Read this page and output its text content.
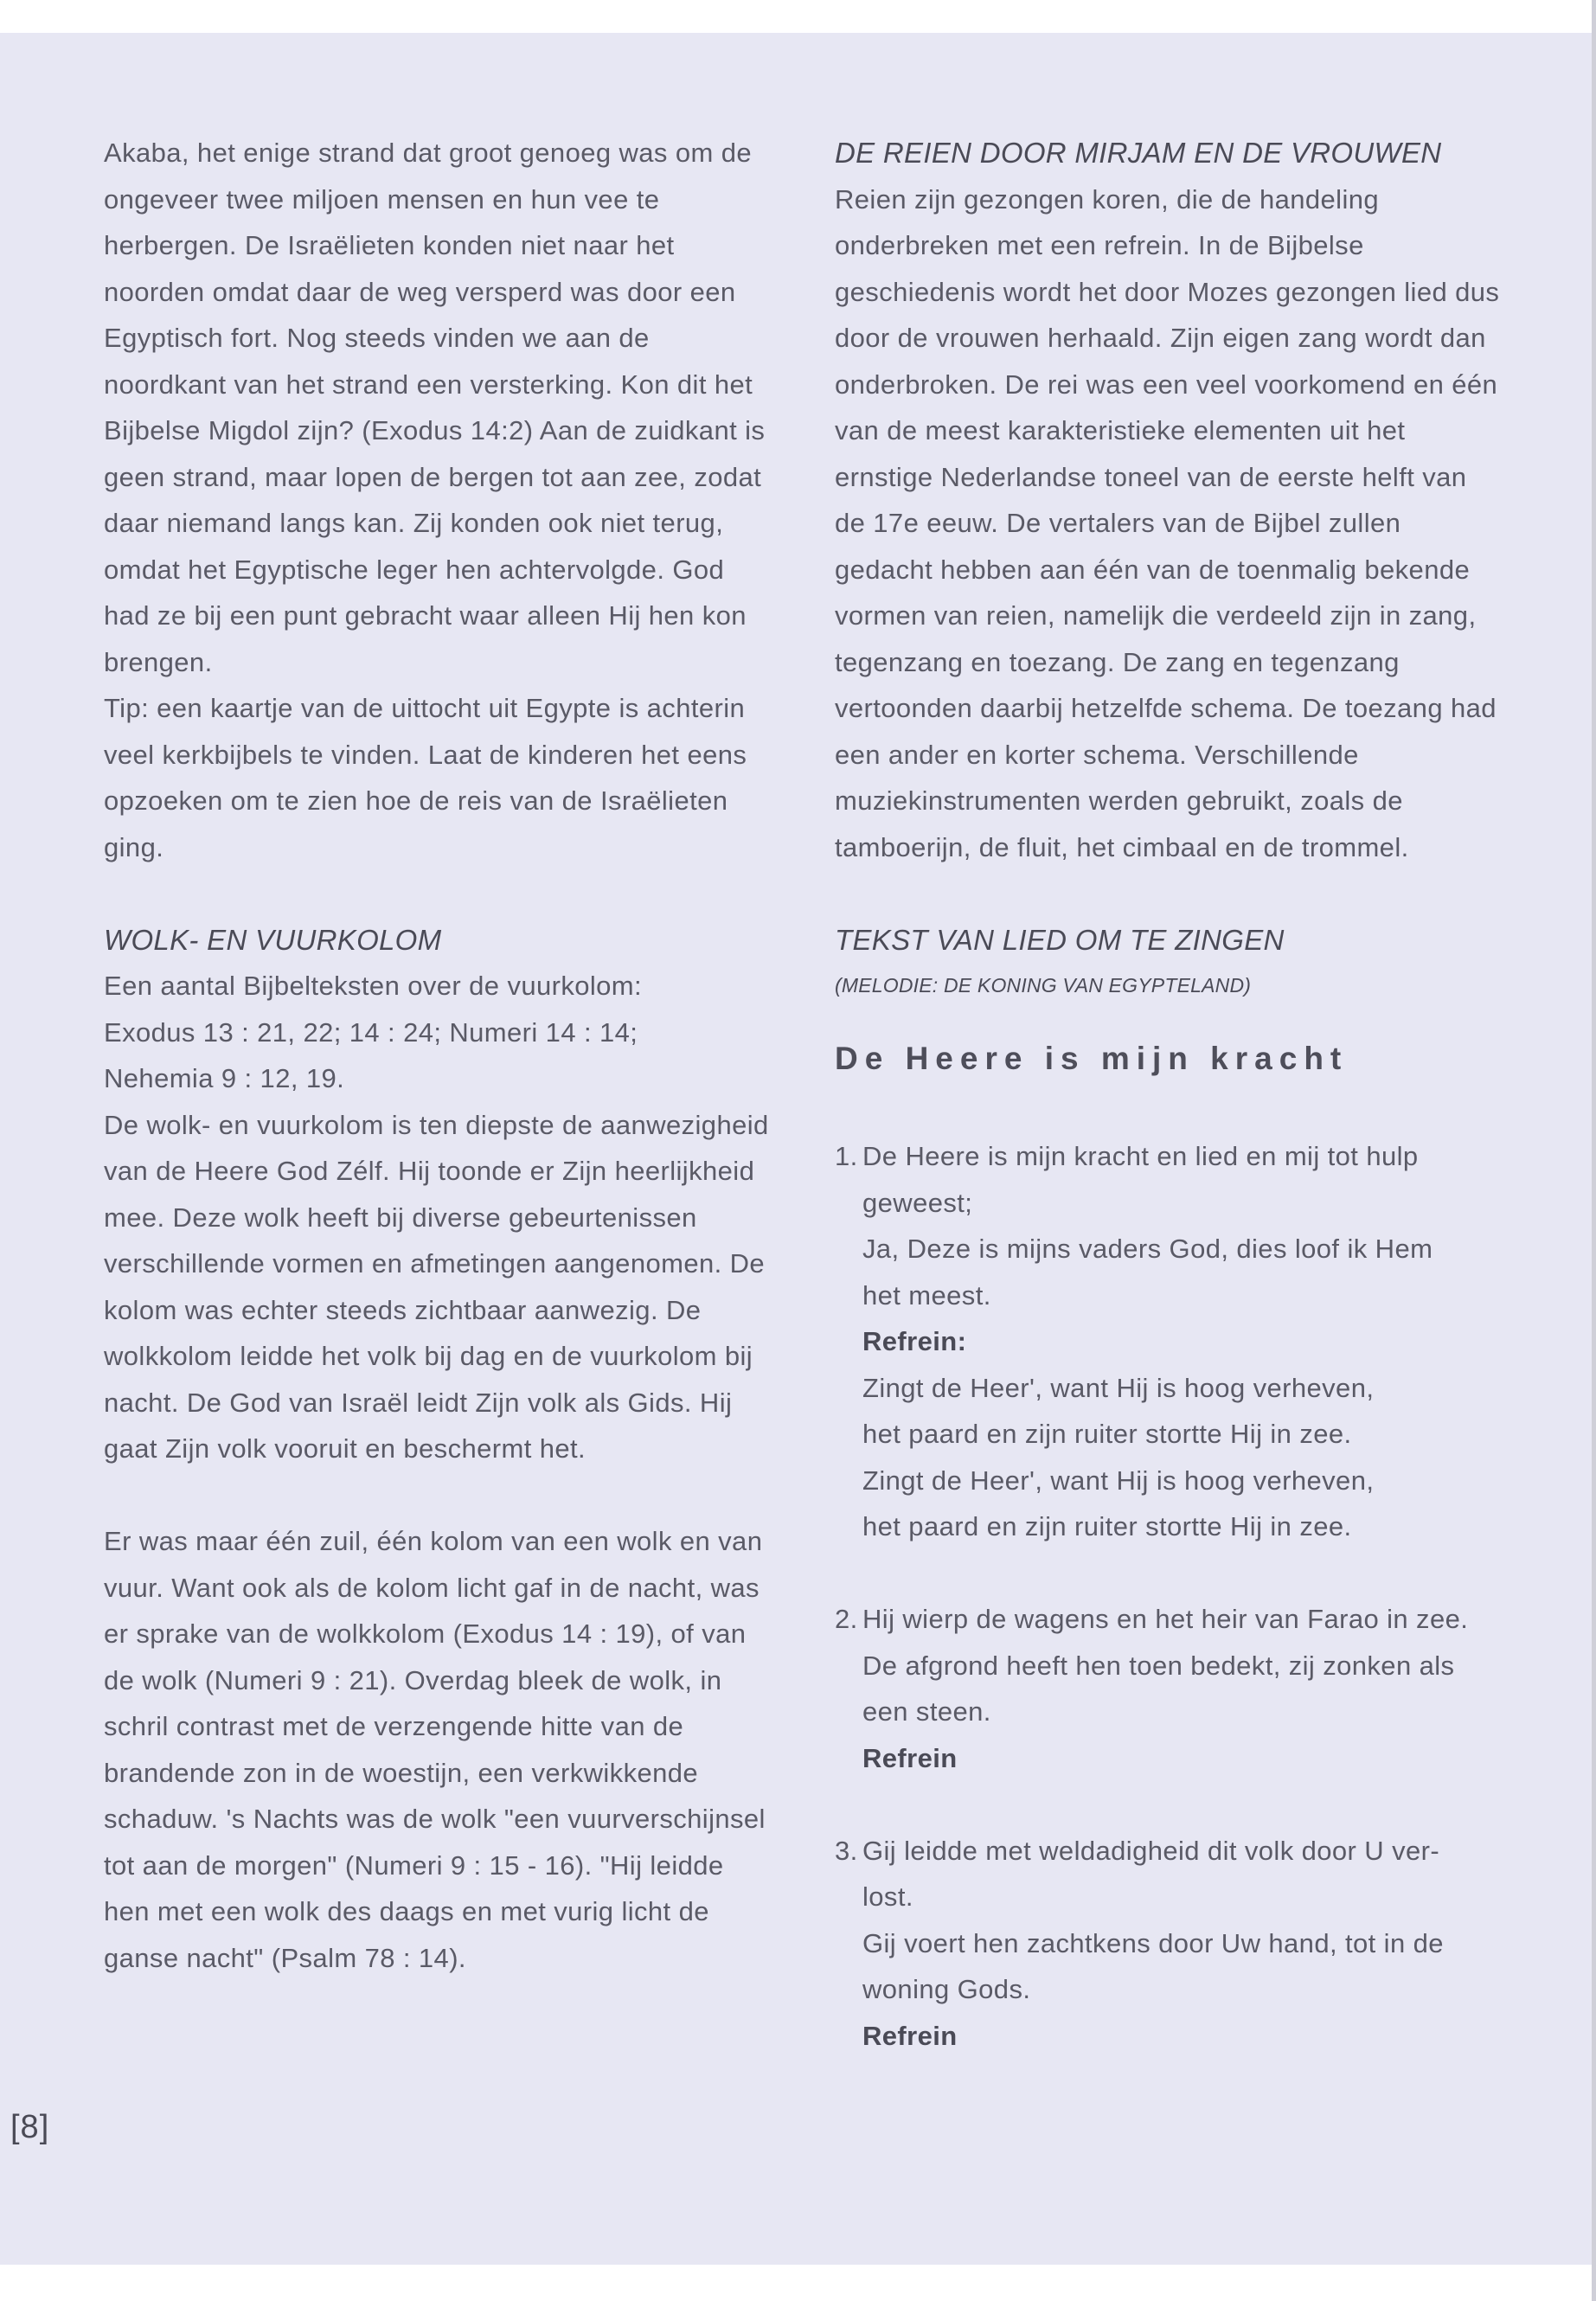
Akaba, het enige strand dat groot genoeg was om de ongeveer twee miljoen mensen en hun vee te herbergen. De Israëlieten konden niet naar het noorden omdat daar de weg versperd was door een Egyptisch fort. Nog steeds vinden we aan de noordkant van het strand een versterking. Kon dit het Bijbelse Migdol zijn? (Exodus 14:2) Aan de zuidkant is geen strand, maar lopen de bergen tot aan zee, zodat daar niemand langs kan. Zij konden ook niet terug, omdat het Egyptische leger hen achtervolgde. God had ze bij een punt gebracht waar alleen Hij hen kon brengen.

Tip: een kaartje van de uittocht uit Egypte is achterin veel kerkbijbels te vinden. Laat de kinderen het eens opzoeken om te zien hoe de reis van de Israëlieten ging.

WOLK- EN VUURKOLOM

Een aantal Bijbelteksten over de vuurkolom:

Exodus 13 : 21, 22; 14 : 24; Numeri 14 : 14;

Nehemia 9 : 12, 19.

De wolk- en vuurkolom is ten diepste de aanwezigheid van de Heere God Zélf. Hij toonde er Zijn heerlijkheid mee. Deze wolk heeft bij diverse gebeurtenissen verschillende vormen en afmetingen aangenomen. De kolom was echter steeds zichtbaar aanwezig. De wolkkolom leidde het volk bij dag en de vuurkolom bij nacht. De God van Israël leidt Zijn volk als Gids. Hij gaat Zijn volk vooruit en beschermt het.

Er was maar één zuil, één kolom van een wolk en van vuur. Want ook als de kolom licht gaf in de nacht, was er sprake van de wolkkolom (Exodus 14 : 19), of van de wolk (Numeri 9 : 21). Overdag bleek de wolk, in schril contrast met de verzengende hitte van de brandende zon in de woestijn, een verkwikkende schaduw. 's Nachts was de wolk "een vuurverschijnsel tot aan de morgen" (Numeri 9 : 15 - 16). "Hij leidde hen met een wolk des daags en met vurig licht de ganse nacht" (Psalm 78 : 14).

DE REIEN DOOR MIRJAM EN DE VROUWEN

Reien zijn gezongen koren, die de handeling onderbreken met een refrein. In de Bijbelse geschiedenis wordt het door Mozes gezongen lied dus door de vrouwen herhaald. Zijn eigen zang wordt dan onderbroken. De rei was een veel voorkomend en één van de meest karakteristieke elementen uit het ernstige Nederlandse toneel van de eerste helft van de 17e eeuw. De vertalers van de Bijbel zullen gedacht hebben aan één van de toenmalig bekende vormen van reien, namelijk die verdeeld zijn in zang, tegenzang en toezang. De zang en tegenzang vertoonden daarbij hetzelfde schema. De toezang had een ander en korter schema. Verschillende muziekinstrumenten werden gebruikt, zoals de tamboerijn, de fluit, het cimbaal en de trommel.

TEKST VAN LIED OM TE ZINGEN

(MELODIE: DE KONING VAN EGYPTELAND)

De Heere is mijn kracht

1. De Heere is mijn kracht en lied en mij tot hulp
geweest;
Ja, Deze is mijns vaders God, dies loof ik Hem
het meest.
Refrein:
Zingt de Heer', want Hij is hoog verheven,
het paard en zijn ruiter stortte Hij in zee.
Zingt de Heer', want Hij is hoog verheven,
het paard en zijn ruiter stortte Hij in zee.
2. Hij wierp de wagens en het heir van Farao in zee.
De afgrond heeft hen toen bedekt, zij zonken als
een steen.
Refrein
3. Gij leidde met weldadigheid dit volk door U ver-
lost.
Gij voert hen zachtkens door Uw hand, tot in de
woning Gods.
Refrein
[8]
